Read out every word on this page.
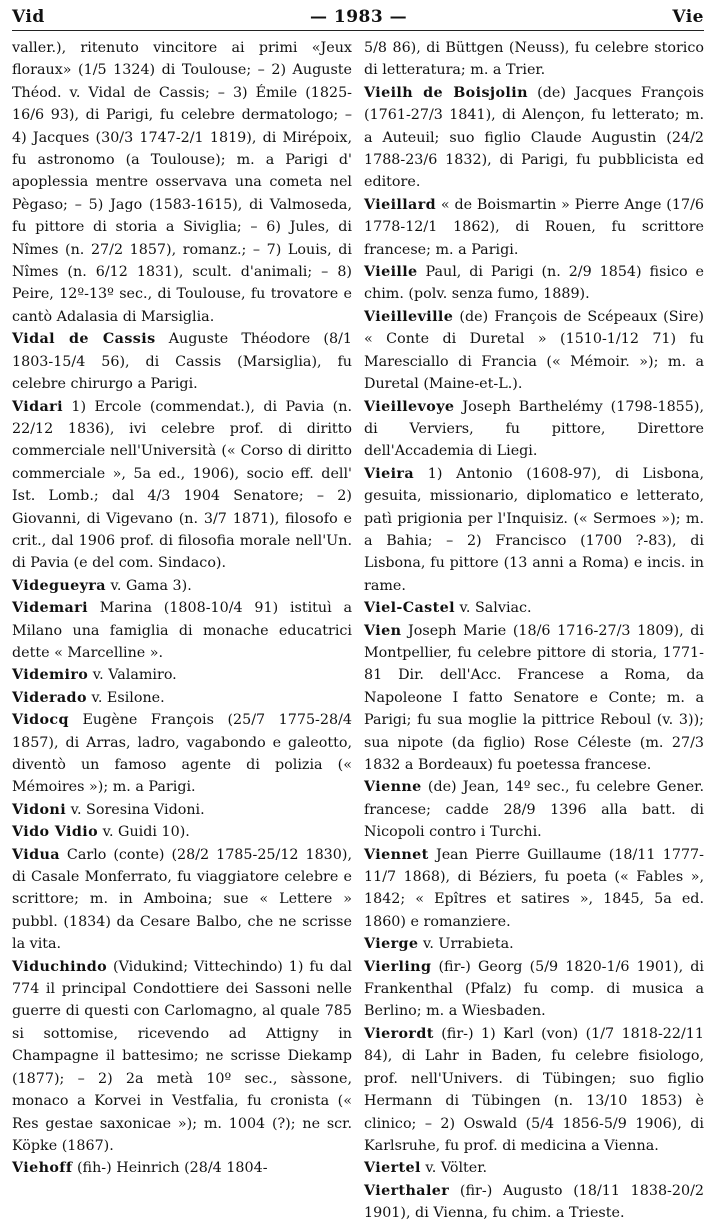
Vid	— 1983 —	Vie

valler.), ritenuto vincitore ai primi «Jeux floraux» (1/5 1324) di Toulouse; – 2) Auguste Théod. v. Vidal de Cassis; – 3) Émile (1825-16/6 93), di Parigi, fu celebre dermatologo; – 4) Jacques (30/3 1747-2/1 1819), di Mirépoix, fu astronomo (a Toulouse); m. a Parigi d' apoplessia mentre osservava una cometa nel Pègaso; – 5) Jago (1583-1615), di Valmoseda, fu pittore di storia a Siviglia; – 6) Jules, di Nîmes (n. 27/2 1857), romanz.; – 7) Louis, di Nîmes (n. 6/12 1831), scult. d'animali; – 8) Peire, 12º-13º sec., di Toulouse, fu trovatore e cantò Adalasia di Marsiglia.

Vidal de Cassis Auguste Théodore (8/1 1803-15/4 56), di Cassis (Marsiglia), fu celebre chirurgo a Parigi.

Vidari 1) Ercole (commendat.), di Pavia (n. 22/12 1836), ivi celebre prof. di diritto commerciale nell'Università (« Corso di diritto commerciale », 5a ed., 1906), socio eff. dell' Ist. Lomb.; dal 4/3 1904 Senatore; – 2) Giovanni, di Vigevano (n. 3/7 1871), filosofo e crit., dal 1906 prof. di filosofia morale nell'Un. di Pavia (e del com. Sindaco).

Videgueyra v. Gama 3).

Videmari Marina (1808-10/4 91) istituì a Milano una famiglia di monache educatrici dette « Marcelline ».

Videmiro v. Valamiro.

Viderado v. Esilone.

Vidocq Eugène François (25/7 1775-28/4 1857), di Arras, ladro, vagabondo e galeotto, diventò un famoso agente di polizia (« Mémoires »); m. a Parigi.

Vidoni v. Soresina Vidoni.

Vido Vidio v. Guidi 10).

Vidua Carlo (conte) (28/2 1785-25/12 1830), di Casale Monferrato, fu viaggiatore celebre e scrittore; m. in Amboina; sue « Lettere » pubbl. (1834) da Cesare Balbo, che ne scrisse la vita.

Viduchindo (Vidukind; Vittechindo) 1) fu dal 774 il principal Condottiere dei Sassoni nelle guerre di questi con Carlomagno, al quale 785 si sottomise, ricevendo ad Attigny in Champagne il battesimo; ne scrisse Diekamp (1877); – 2) 2a metà 10º sec., sàssone, monaco a Korvei in Vestfalia, fu cronista (« Res gestae saxonicae »); m. 1004 (?); ne scr. Köpke (1867).

Viehoff (fih-) Heinrich (28/4 1804-

5/8 86), di Büttgen (Neuss), fu celebre storico di letteratura; m. a Trier.

Vieilh de Boisjolin (de) Jacques François (1761-27/3 1841), di Alençon, fu letterato; m. a Auteuil; suo figlio Claude Augustin (24/2 1788-23/6 1832), di Parigi, fu pubblicista ed editore.

Vieillard « de Boismartin » Pierre Ange (17/6 1778-12/1 1862), di Rouen, fu scrittore francese; m. a Parigi.

Vieille Paul, di Parigi (n. 2/9 1854) fisico e chim. (polv. senza fumo, 1889).

Vieilleville (de) François de Scépeaux (Sire) « Conte di Duretal » (1510-1/12 71) fu Maresciallo di Francia (« Mémoir. »); m. a Duretal (Maine-et-L.).

Vieillevoye Joseph Barthelémy (1798-1855), di Verviers, fu pittore, Direttore dell'Accademia di Liegi.

Vieira 1) Antonio (1608-97), di Lisbona, gesuita, missionario, diplomatico e letterato, patì prigionia per l'Inquisiz. (« Sermoes »); m. a Bahia; – 2) Francisco (1700 ?-83), di Lisbona, fu pittore (13 anni a Roma) e incis. in rame.

Viel-Castel v. Salviac.

Vien Joseph Marie (18/6 1716-27/3 1809), di Montpellier, fu celebre pittore di storia, 1771-81 Dir. dell'Acc. Francese a Roma, da Napoleone I fatto Senatore e Conte; m. a Parigi; fu sua moglie la pittrice Reboul (v. 3)); sua nipote (da figlio) Rose Céleste (m. 27/3 1832 a Bordeaux) fu poetessa francese.

Vienne (de) Jean, 14º sec., fu celebre Gener. francese; cadde 28/9 1396 alla batt. di Nicopoli contro i Turchi.

Viennet Jean Pierre Guillaume (18/11 1777-11/7 1868), di Béziers, fu poeta (« Fables », 1842; « Epîtres et satires », 1845, 5a ed. 1860) e romanziere.

Vierge v. Urrabieta.

Vierling (fir-) Georg (5/9 1820-1/6 1901), di Frankenthal (Pfalz) fu comp. di musica a Berlino; m. a Wiesbaden.

Vierordt (fir-) 1) Karl (von) (1/7 1818-22/11 84), di Lahr in Baden, fu celebre fisiologo, prof. nell'Univers. di Tübingen; suo figlio Hermann di Tübingen (n. 13/10 1853) è clinico; – 2) Oswald (5/4 1856-5/9 1906), di Karlsruhe, fu prof. di medicina a Vienna.

Viertel v. Völter.

Vierthaler (fir-) Augusto (18/11 1838-20/2 1901), di Vienna, fu chim. a Trieste.
